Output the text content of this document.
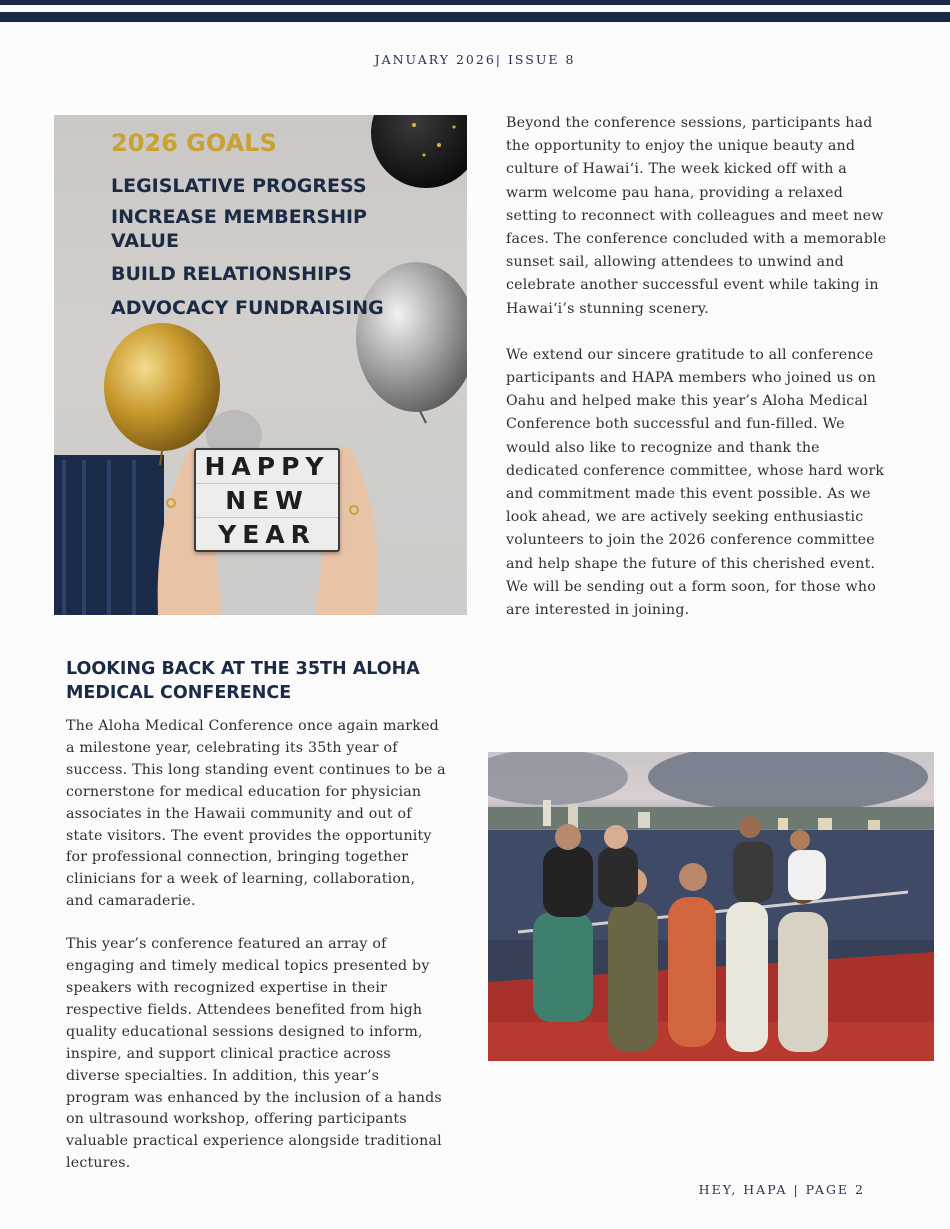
JANUARY 2026| ISSUE 8
2026 GOALS
LEGISLATIVE PROGRESS
INCREASE MEMBERSHIP VALUE
BUILD RELATIONSHIPS
ADVOCACY FUNDRAISING
HAPPY
NEW
YEAR

Beyond the conference sessions, participants had the opportunity to enjoy the unique beauty and culture of Hawaiʻi. The week kicked off with a warm welcome pau hana, providing a relaxed setting to reconnect with colleagues and meet new faces. The conference concluded with a memorable sunset sail, allowing attendees to unwind and celebrate another successful event while taking in Hawaiʻi’s stunning scenery.

We extend our sincere gratitude to all conference participants and HAPA members who joined us on Oahu and helped make this year’s Aloha Medical Conference both successful and fun-filled. We would also like to recognize and thank the dedicated conference committee, whose hard work and commitment made this event possible. As we look ahead, we are actively seeking enthusiastic volunteers to join the 2026 conference committee and help shape the future of this cherished event. We will be sending out a form soon, for those who are interested in joining.

LOOKING BACK AT THE 35TH ALOHA MEDICAL CONFERENCE

The Aloha Medical Conference once again marked a milestone year, celebrating its 35th year of success. This long standing event continues to be a cornerstone for medical education for physician associates in the Hawaii community and out of state visitors. The event provides the opportunity for professional connection, bringing together clinicians for a week of learning, collaboration, and camaraderie.

This year’s conference featured an array of engaging and timely medical topics presented by speakers with recognized expertise in their respective fields. Attendees benefited from high quality educational sessions designed to inform, inspire, and support clinical practice across diverse specialties. In addition, this year’s program was enhanced by the inclusion of a hands on ultrasound workshop, offering participants valuable practical experience alongside traditional lectures.

HEY, HAPA | PAGE 2
